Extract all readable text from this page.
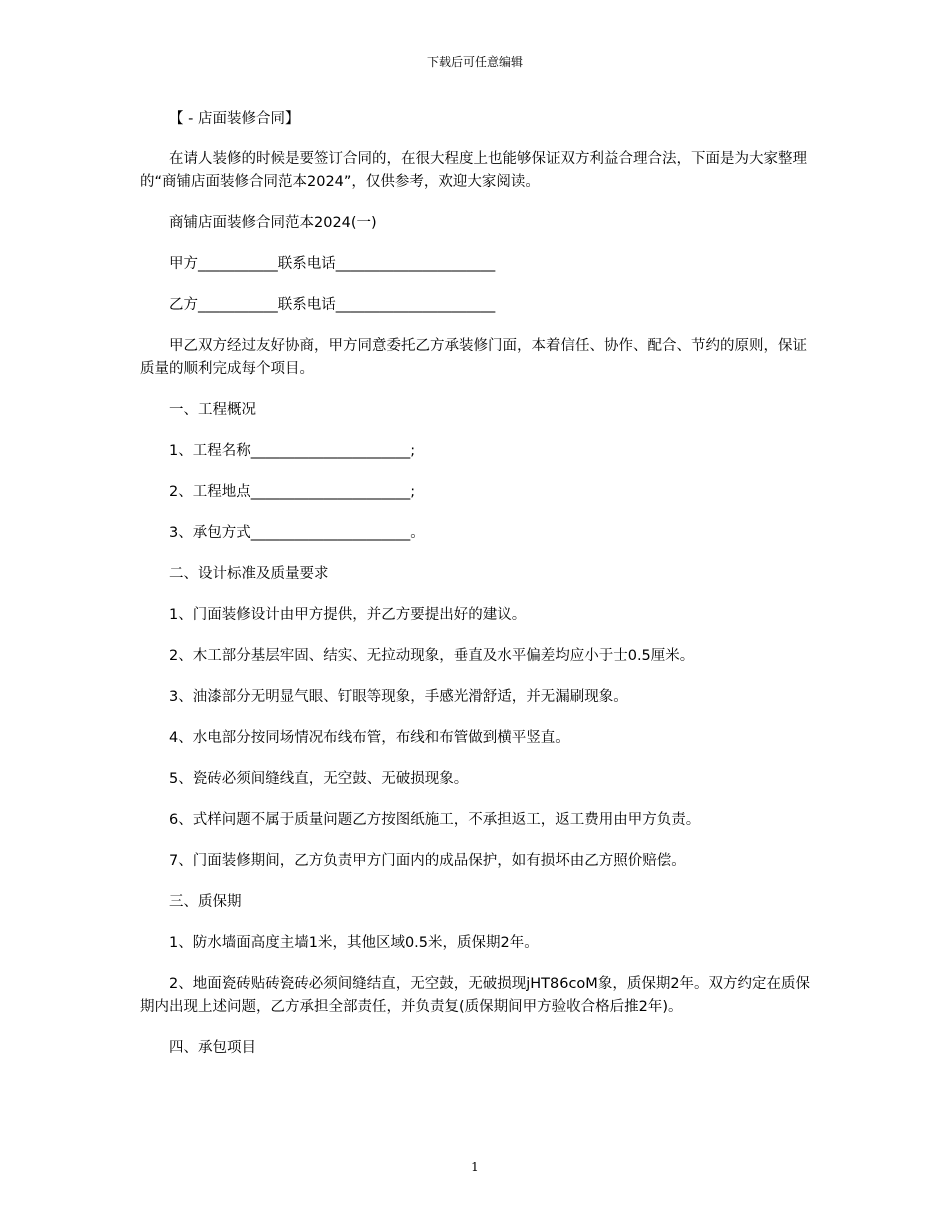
下载后可任意编辑

【 - 店面装修合同】

在请人装修的时候是要签订合同的，在很大程度上也能够保证双方利益合理合法，下面是为大家整理的“商铺店面装修合同范本2024”，仅供参考，欢迎大家阅读。

商铺店面装修合同范本2024(一)

甲方___________联系电话______________________

乙方___________联系电话______________________

甲乙双方经过友好协商，甲方同意委托乙方承装修门面，本着信任、协作、配合、节约的原则，保证质量的顺利完成每个项目。

一、工程概况

1、工程名称______________________;

2、工程地点______________________;

3、承包方式______________________。

二、设计标准及质量要求

1、门面装修设计由甲方提供，并乙方要提出好的建议。

2、木工部分基层牢固、结实、无拉动现象，垂直及水平偏差均应小于士0.5厘米。

3、油漆部分无明显气眼、钉眼等现象，手感光滑舒适，并无漏刷现象。

4、水电部分按同场情况布线布管，布线和布管做到横平竖直。

5、瓷砖必须间缝线直，无空鼓、无破损现象。

6、式样问题不属于质量问题乙方按图纸施工，不承担返工，返工费用由甲方负责。

7、门面装修期间，乙方负责甲方门面内的成品保护，如有损坏由乙方照价赔偿。

三、质保期

1、防水墙面高度主墙1米，其他区域0.5米，质保期2年。

2、地面瓷砖贴砖瓷砖必须间缝结直，无空鼓，无破损现jHT86coM象，质保期2年。双方约定在质保期内出现上述问题，乙方承担全部责任，并负责复(质保期间甲方验收合格后推2年)。

四、承包项目

1
